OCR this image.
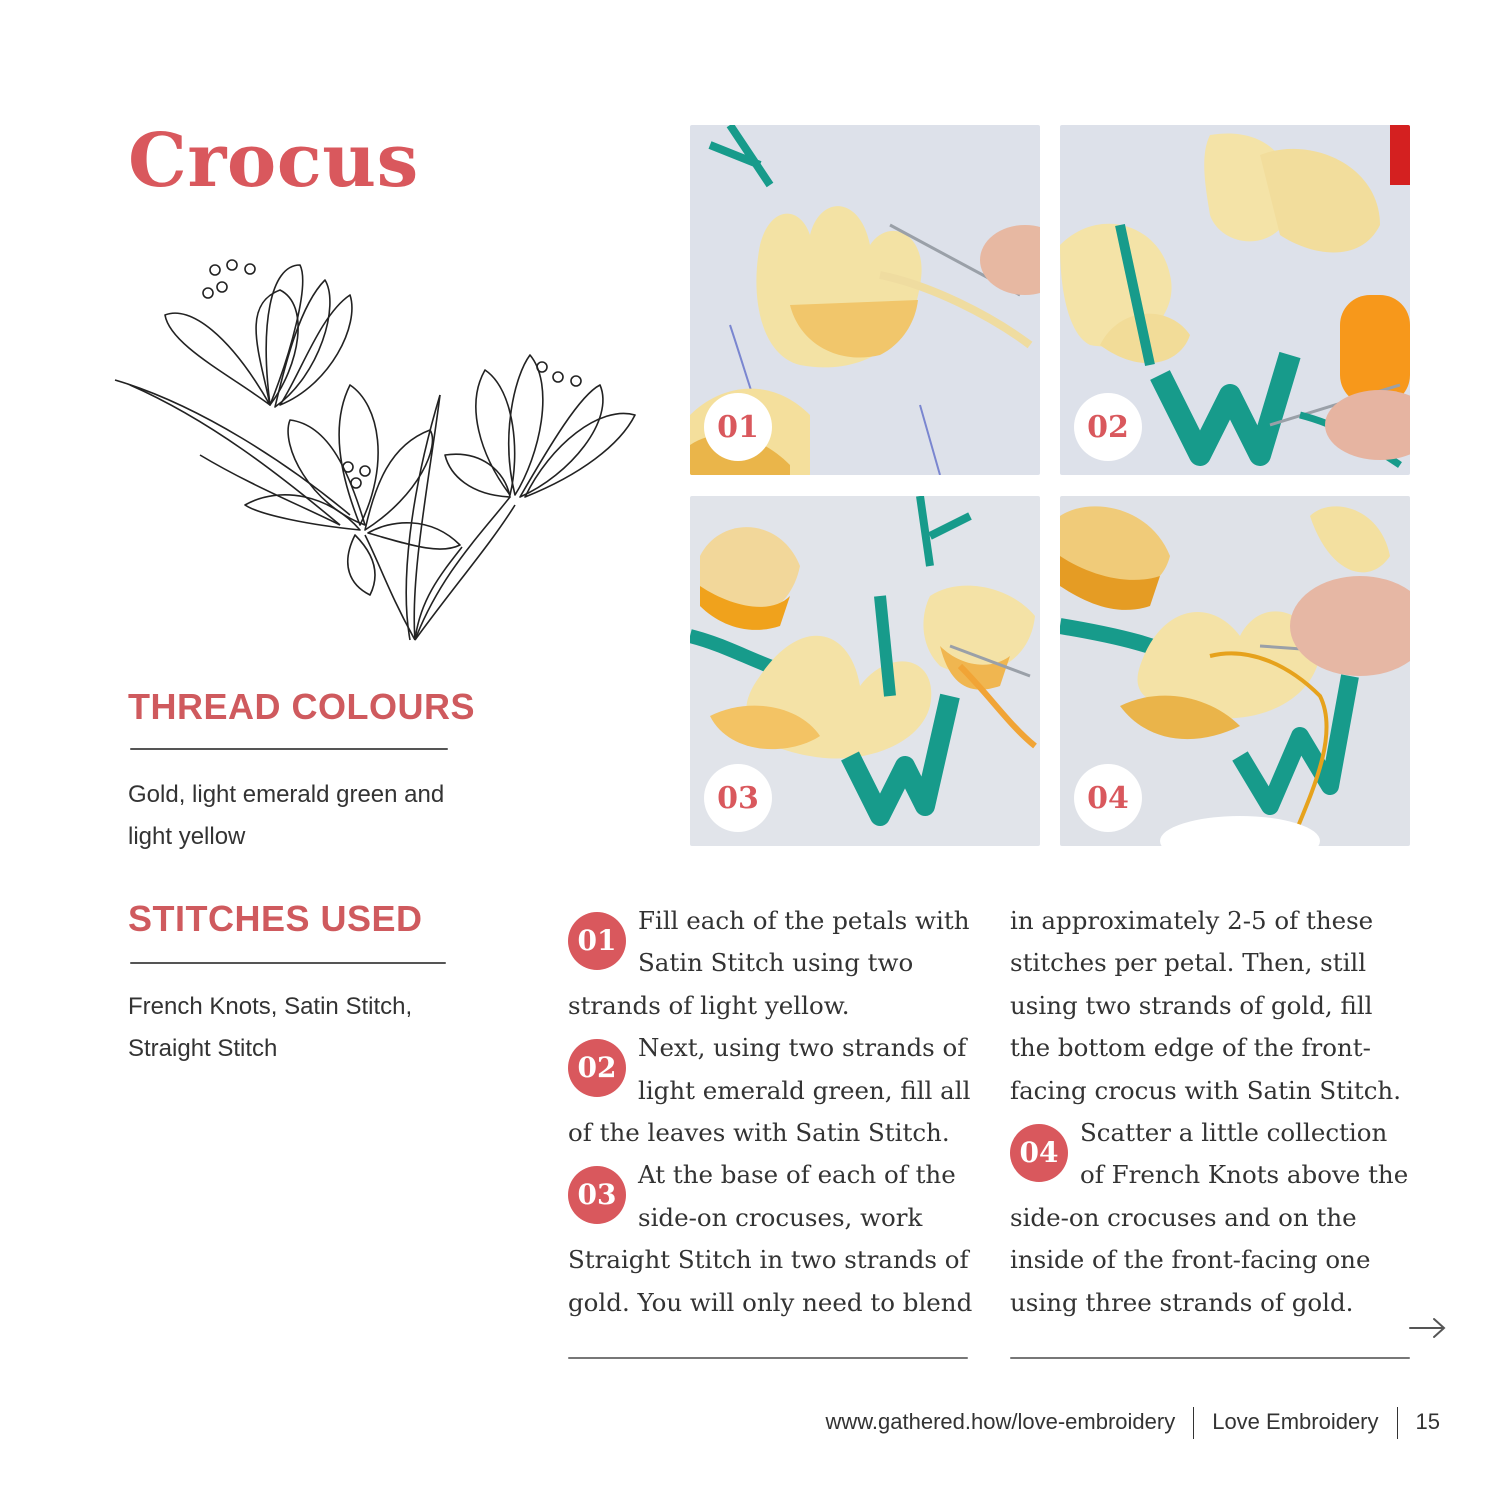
Crocus
THREAD COLOURS

Gold, light emerald green and light yellow

STITCHES USED

French Knots, Satin Stitch, Straight Stitch

01	02
03	04

01
Fill each of the petals with Satin Stitch using two strands of light yellow.

02
Next, using two strands of light emerald green, fill all of the leaves with Satin Stitch.

03
At the base of each of the side-on crocuses, work Straight Stitch in two strands of gold. You will only need to blend

in approximately 2-5 of these stitches per petal. Then, still using two strands of gold, fill the bottom edge of the front-facing crocus with Satin Stitch.

04
Scatter a little collection of French Knots above the side-on crocuses and on the inside of the front-facing one using three strands of gold.

www.gathered.how/love-embroidery Love Embroidery 15
